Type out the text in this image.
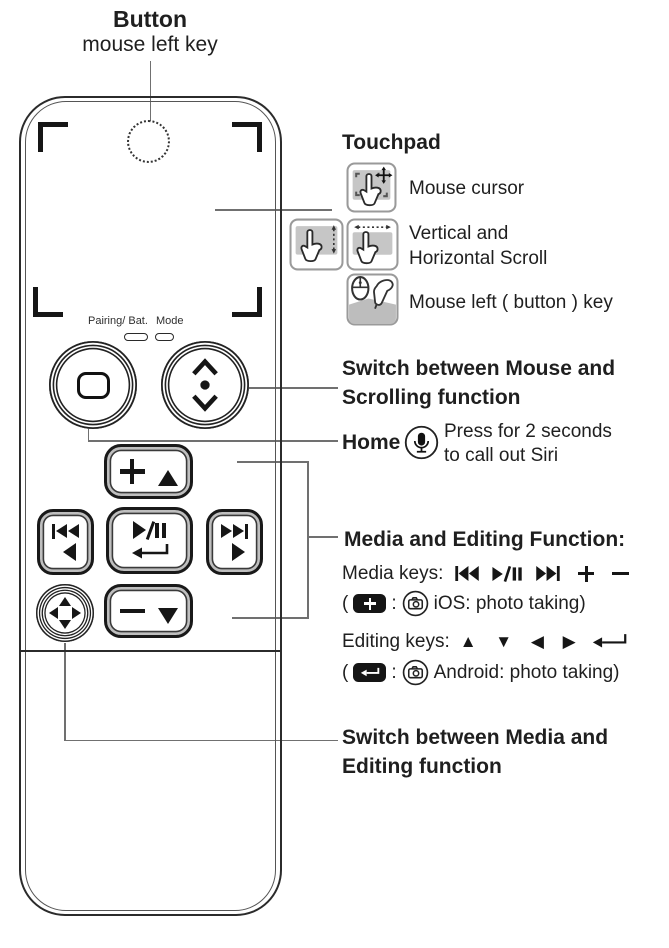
Button
mouse left key
Pairing/ Bat. Mode
Touchpad
Mouse cursor
Vertical and
Horizontal Scroll
Mouse left ( button ) key
Switch between Mouse and
Scrolling function
Home Press for 2 seconds
to call out Siri
Media and Editing Function:
Media keys:
( : iOS: photo taking)
Editing keys: ▲ ▼ ◀ ▶
( : Android: photo taking)
Switch between Media and
Editing function
